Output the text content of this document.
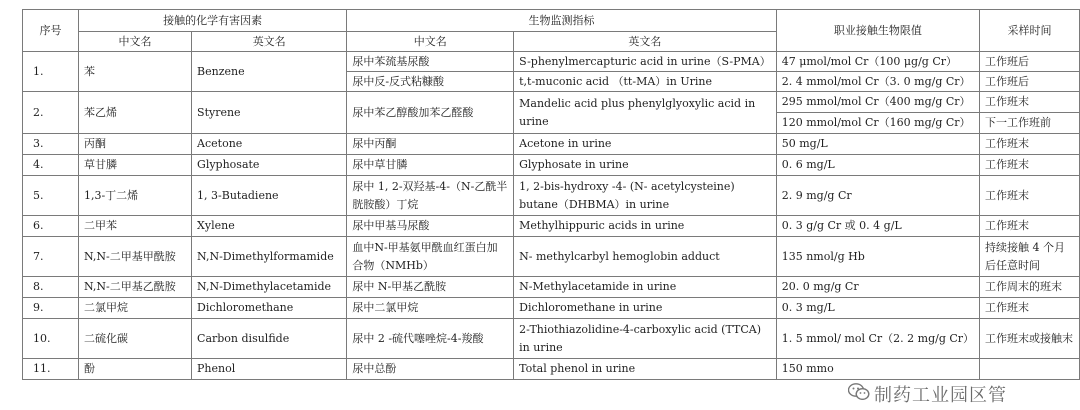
序号	接触的化学有害因素		生物监测指标		职业接触生物限值	采样时间
	中文名	英文名	中文名	英文名		
1.	苯	Benzene	尿中苯巯基尿酸	S-phenylmercapturic acid in urine（S-PMA）	47 μmol/mol Cr（100 μg/g Cr）	工作班后
			尿中反-反式粘糠酸	t,t-muconic acid （tt-MA）in Urine	2. 4 mmol/mol Cr（3. 0 mg/g Cr）	工作班后
2.	苯乙烯	Styrene	尿中苯乙醇酸加苯乙醛酸	Mandelic acid plus phenylglyoxylic acid in urine	295 mmol/mol Cr（400 mg/g Cr）	工作班末
					120 mmol/mol Cr（160 mg/g Cr）	下一工作班前
3.	丙酮	Acetone	尿中丙酮	Acetone in urine	50 mg/L	工作班末
4.	草甘膦	Glyphosate	尿中草甘膦	Glyphosate in urine	0. 6 mg/L	工作班末
5.	1,3-丁二烯	1, 3-Butadiene	尿中 1, 2-双羟基-4-（N-乙酰半胱胺酸）丁烷	1, 2-bis-hydroxy -4- (N- acetylcysteine) butane（DHBMA）in urine	2. 9 mg/g Cr	工作班末
6.	二甲苯	Xylene	尿中甲基马尿酸	Methylhippuric acids in urine	0. 3 g/g Cr 或 0. 4 g/L	工作班末
7.	N,N-二甲基甲酰胺	N,N-Dimethylformamide	血中N-甲基氨甲酰血红蛋白加合物（NMHb）	N- methylcarbyl hemoglobin adduct	135 nmol/g Hb	持续接触 4 个月后任意时间
8.	N,N-二甲基乙酰胺	N,N-Dimethylacetamide	尿中 N-甲基乙酰胺	N-Methylacetamide in urine	20. 0 mg/g Cr	工作周末的班末
9.	二氯甲烷	Dichloromethane	尿中二氯甲烷	Dichloromethane in urine	0. 3 mg/L	工作班末
10.	二硫化碳	Carbon disulfide	尿中 2 -硫代噻唑烷-4-羧酸	2-Thiothiazolidine-4-carboxylic acid (TTCA) in urine	1. 5 mmol/ mol Cr（2. 2 mg/g Cr）	工作班末或接触末
11.	酚	Phenol	尿中总酚	Total phenol in urine	150 mmo	
制药工业园区管
